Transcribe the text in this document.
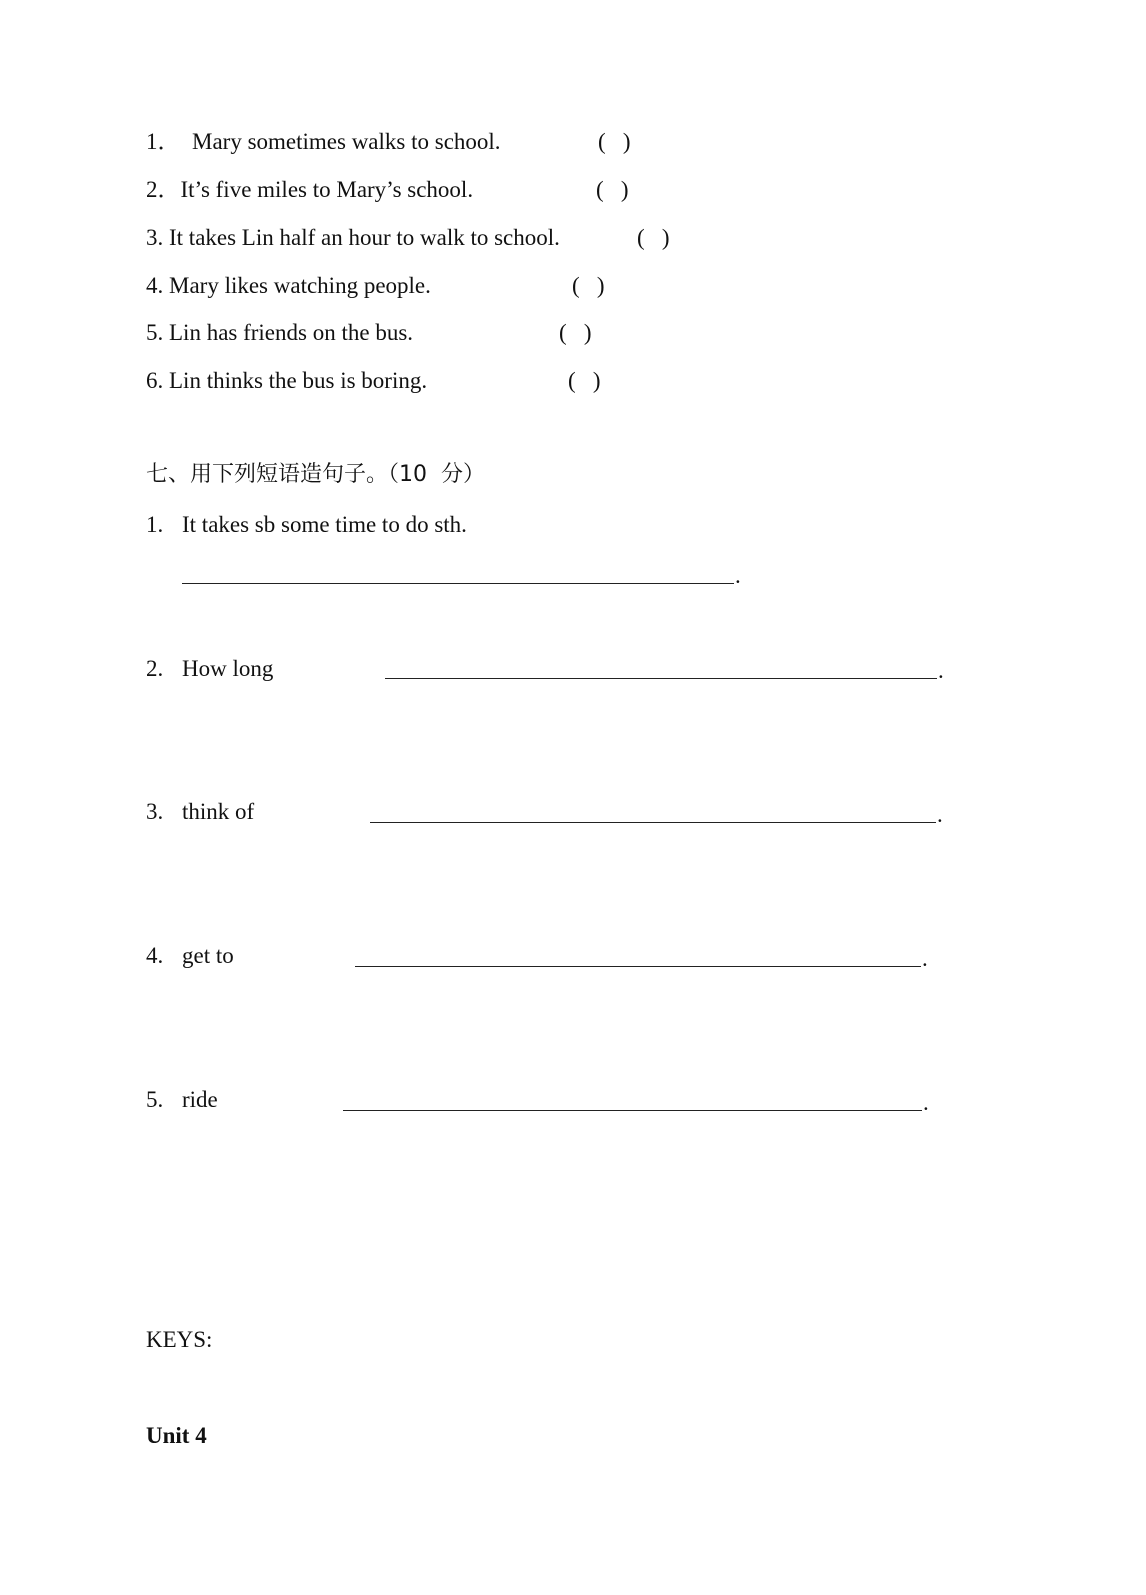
1．  Mary sometimes walks to school.	(   )
2．It’s five miles to Mary’s school.	(   )
3. It takes Lin half an hour to walk to school.	(   )
4. Mary likes watching people.	(   )
5. Lin has friends on the bus.	(   )
6. Lin thinks the bus is boring.	(   )
七、用下列短语造句子。（10  分）
1. It takes sb some time to do sth.
.
2. How long	.
3. think of	.
4. get to	.
5. ride	.
KEYS:
Unit 4
